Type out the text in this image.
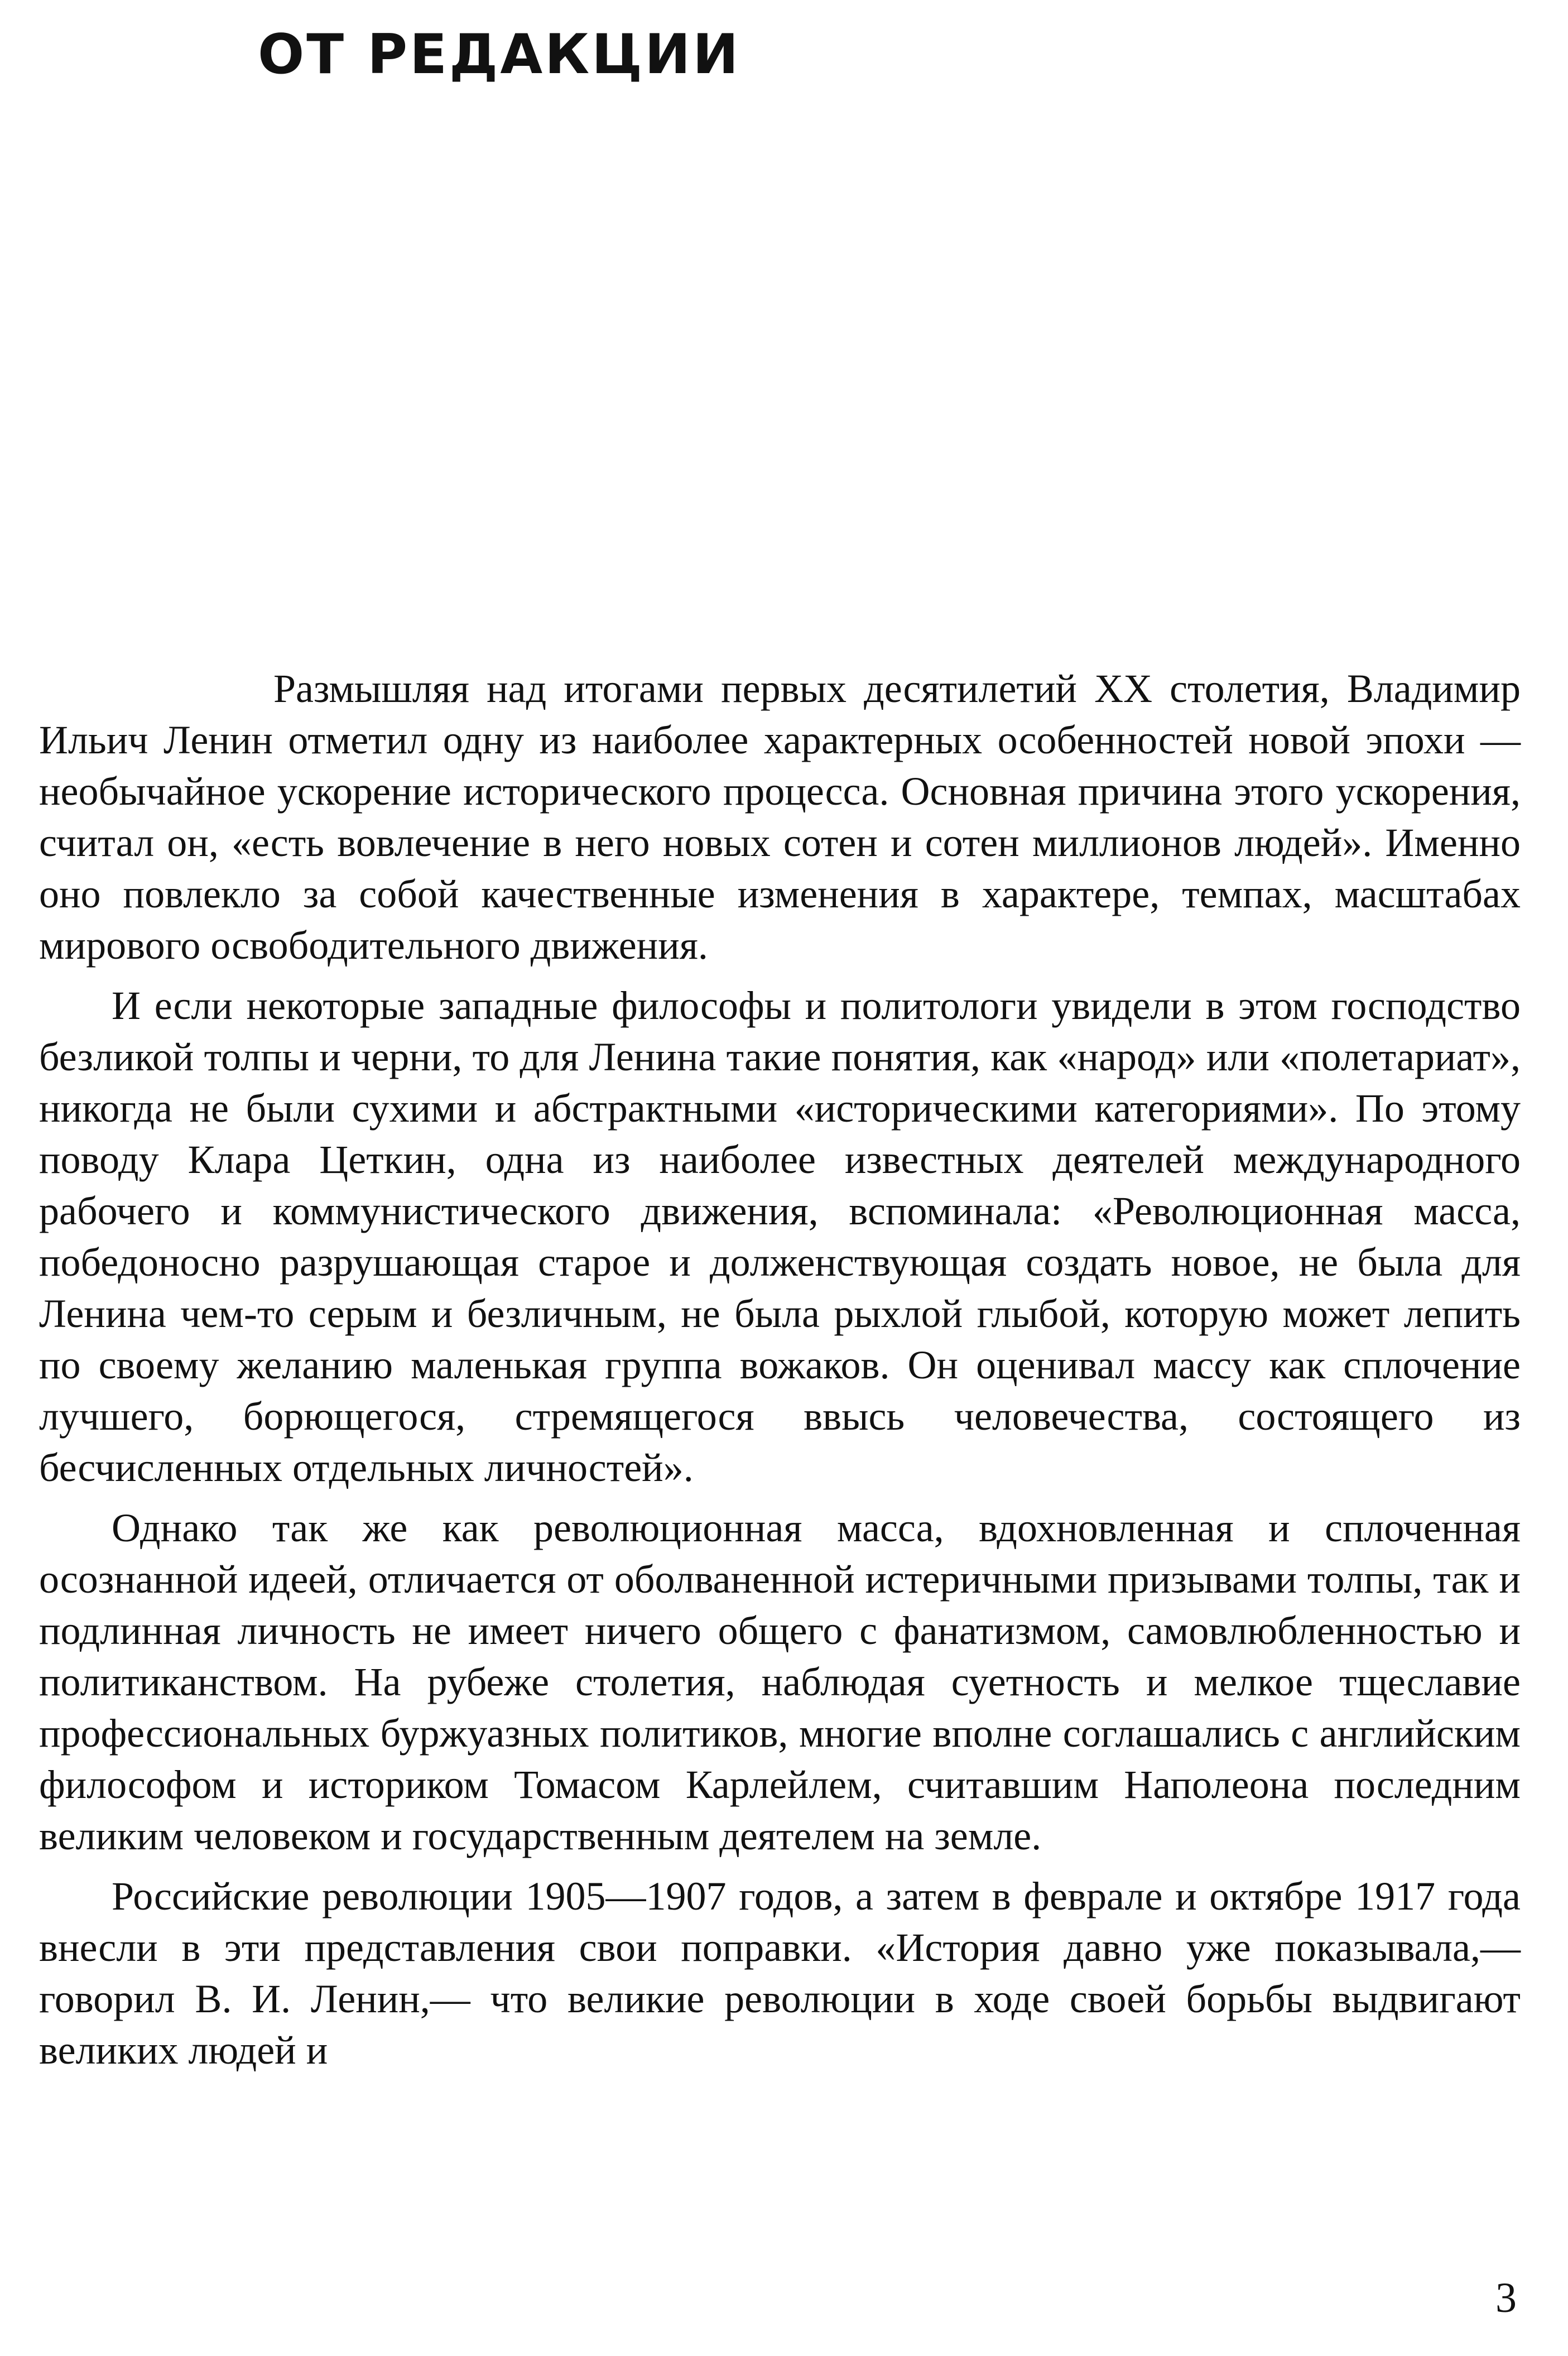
ОТ РЕДАКЦИИ

Размышляя над итогами первых десятилетий XX столетия, Владимир Ильич Ленин отметил одну из наиболее характерных особенностей новой эпохи — необычайное ускорение исторического процесса. Основная причина этого ускорения, считал он, «есть вовлечение в него новых сотен и сотен миллионов людей». Именно оно повлекло за собой качественные изменения в характере, темпах, масштабах мирового освободительного движения.

И если некоторые западные философы и политологи увидели в этом господство безликой толпы и черни, то для Ленина такие понятия, как «народ» или «полетариат», никогда не были сухими и абстрактными «историческими категориями». По этому поводу Клара Цеткин, одна из наиболее известных деятелей международного рабочего и коммунистического движения, вспоминала: «Революционная масса, победоносно разрушающая старое и долженствующая создать новое, не была для Ленина чем-то серым и безличным, не была рыхлой глыбой, которую может лепить по своему желанию маленькая группа вожаков. Он оценивал массу как сплочение лучшего, борющегося, стремящегося ввысь человечества, состоящего из бесчисленных отдельных личностей».

Однако так же как революционная масса, вдохновленная и сплоченная осознанной идеей, отличается от оболваненной истеричными призывами толпы, так и подлинная личность не имеет ничего общего с фанатизмом, самовлюбленностью и политиканством. На рубеже столетия, наблюдая суетность и мелкое тщеславие профессиональных буржуазных политиков, многие вполне соглашались с английским философом и историком Томасом Карлейлем, считавшим Наполеона последним великим человеком и государственным деятелем на земле.

Российские революции 1905—1907 годов, а затем в феврале и октябре 1917 года внесли в эти представления свои поправки. «История давно уже показывала,— говорил В. И. Ленин,— что великие революции в ходе своей борьбы выдвигают великих людей и

3
